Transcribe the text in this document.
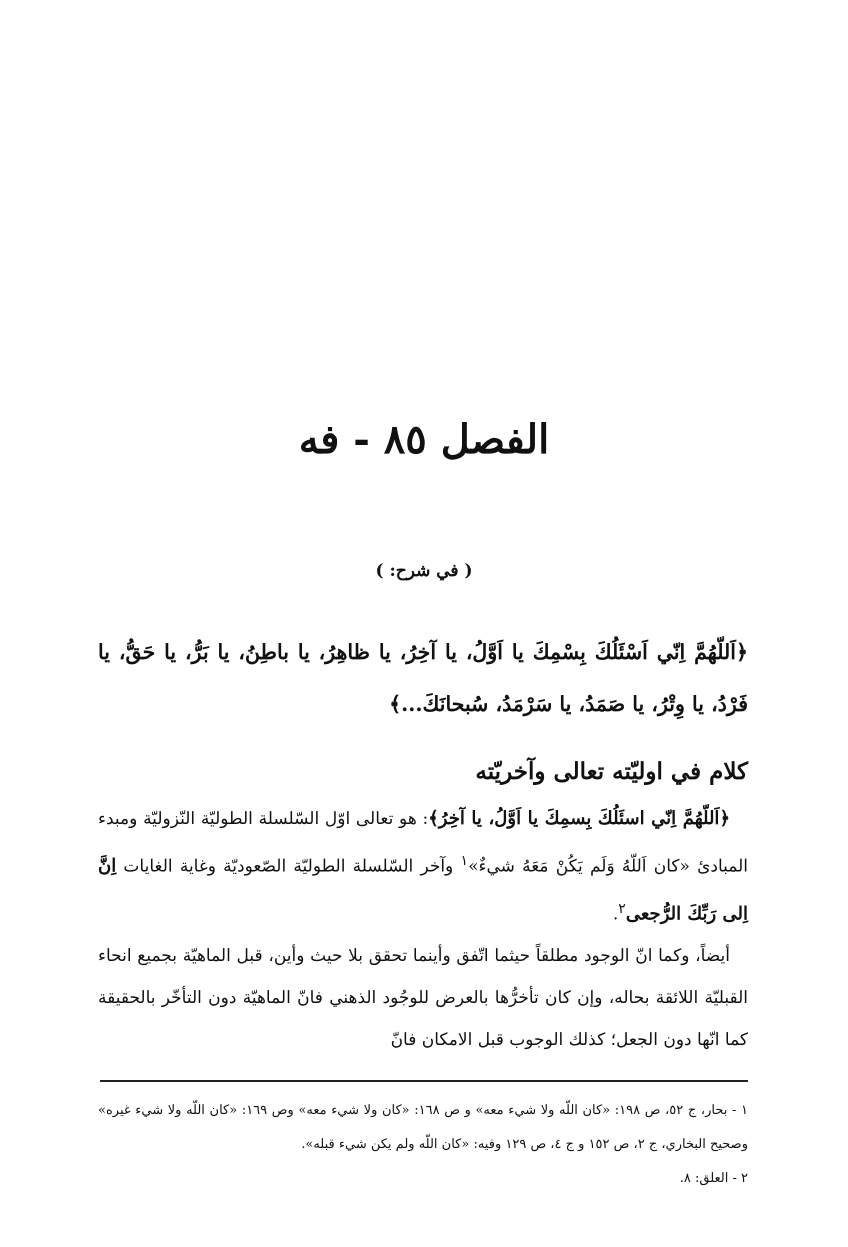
الفصل ٨٥ - فه
( في شرح: )

﴿اَللّهُمَّ اِنّي اَسْئَلُكَ بِسْمِكَ يا اَوَّلُ، يا آخِرُ، يا ظاهِرُ، يا باطِنُ، يا بَرُّ، يا حَقُّ، يا فَرْدُ، يا وِتْرُ، يا صَمَدُ، يا سَرْمَدُ، سُبحانَكَ...﴾

كلام في اوليّته تعالى وآخريّته

﴿اَللّهُمَّ اِنّي اسئَلُكَ بِسمِكَ يا اَوَّلُ، يا آخِرُ﴾: هو تعالى اوّل السّلسلة الطوليّة النّزوليّة ومبدء المبادئ «كان اَللّهُ وَلَم يَكُنْ مَعَهُ شيءٌ»$^١$ وآخر السّلسلة الطوليّة الصّعوديّة وغاية الغايات اِنَّ اِلى رَبِّكَ الرُّجعى$^٢$.

أيضاً، وكما انّ الوجود مطلقاً حيثما اتّفق وأينما تحقق بلا حيث وأين، قبل الماهيّة بجميع انحاء القبليّة اللائقة بحاله، وإن كان تأخرُّها بالعرض للوجُود الذهني فانّ الماهيّة دون التأخّر بالحقيقة كما انّها دون الجعل؛ كذلك الوجوب قبل الامكان فانّ

١ - بحار، ج ٥٢، ص ١٩٨: «كان اللّه ولا شيء معه» و ص ١٦٨: «كان ولا شيء معه» وص ١٦٩: «كان اللّه ولا شيء غيره» وصحيح البخاري، ج ٢، ص ١٥٢ و ج ٤، ص ١٢٩ وفيه: «كان اللّه ولم يكن شيء قبله».

٢ - العلق: ٨.
